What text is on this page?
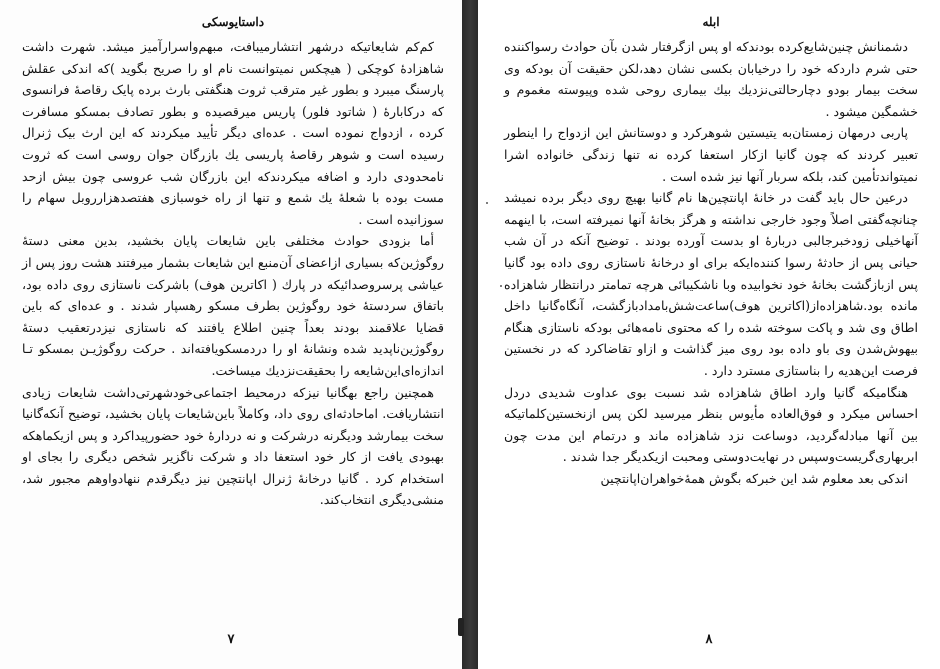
داستایوسکی

کم‌کم شایعاتیکه درشهر انتشار‌میبافت، مبهم‌واسرار‌آمیز میشد. شهرت داشت شاهزادهٔ کوچکی ( هیچکس نمیتوانست نام او را صریح بگوید )که اندکی عقلش پارسنگ میبرد و بطور غیر مترقب ثروت هنگفتی بارث برده پایک رقاصهٔ فرانسوی که درکاباره‌ٔ ( شاتود فلور) پاریس میرقصیده و بطور تصادف بمسکو مسافرت کرده ، ازدواج نموده است . عده‌ای دیگر تأیید میکردند که این ارث بیک ژنرال رسیده است و شوهر رقاصهٔ پاریسی یك بازرگان جوان روسی است که ثروت نامحدودی دارد و اضافه میکردندکه این بازرگان شب عروسی چون بیش ازحد مست بوده با شعلهٔ یك شمع و تنها از راه خوسبازی هفتصد‌هزار‌روبل سهام را سوزانیده است .

أما بزودی حوادث مختلفی باین شایعات پایان بخشید، بدین معنی دستهٔ روگوژین‌که بسیاری ازاعضای آن‌منبع این شایعات بشمار میرفتند هشت روز پس از عیاشی پرسروصدائیکه در پارك ( اکاترین هوف) باشرکت ناستازی روی داده بود، باتفاق سردستهٔ خود روگوژین بطرف مسکو رهسپار شدند . و عده‌ای که باین قضایا علاقمند بودند بعداً چنین اطلاع یافتند که ناستازی نیزدرتعقیب دستهٔ روگوژین‌ناپدید شده ونشانهٔ او را دردمسکویافته‌اند . حرکت روگوژیـن بمسکو تـا اندازه‌ای‌این‌شایعه را بحقیقت‌نزدیك میساخت.

همچنین راجع بهگانیا نیزکه درمحیط اجتماعی‌خودشهرتی‌داشت شایعات زیادی انتشاریافت. اماحادثه‌ای روی داد، وکاملاً باین‌شایعات پایان بخشید، توضیح آنکه‌گانیا سخت بیمارشد ودیگرنه درشرکت و نه دردارهٔ خود حضورپیداکرد و پس ازیکماهکه بهبودی یافت از کار خود استعفا داد و شرکت ناگزیر شخص دیگری را بجای او استخدام کرد . گانیا درخانهٔ ژنرال اپانتچین نیز دیگرقدم ننهاد‌واوهم مجبور شد، منشی‌دیگری انتخاب‌کند.

۷
ابله

دشمنانش چنین‌شایع‌کرده بودندکه او پس ازگرفتار شدن بآن حوادث رسواکننده حتی شرم داردکه خود را درخیابان بکسی نشان دهد،لکن حقیقت آن بودکه وی سخت بیمار بودو دچار‌حالتی‌نزدیك بیك بیماری روحی شده وپیوسته مغموم و خشمگین میشود .

پاربی درمهان زمستان‌به یتیستین شوهرکرد و دوستانش این ازدواج را اینطور تعبیر کردند که چون گانیا ازکار استعفا کرده نه تنها زندگی خانواده اشرا نمیتواند‌تأمین کند، بلکه سربار آنها نیز شده است .

درعین حال باید گفت در خانهٔ اپانتچین‌ها نام گانیا بهیچ روی دیگر برده نمیشد چنانچه‌گفتی اصلاً وجود خارجی نداشته و هرگز بخانهٔ آنها نمیرفته است، با اینهمه آنها‌خیلی زودخبرجالبی دربارهٔ او بدست آورده بودند . توضیح آنکه در آن شب حیانی پس از حادثهٔ رسوا کننده‌ایکه برای او درخانهٔ ناستازی روی داده بود گانیا پس ازبازگشت بخانهٔ خود نخوابیده وبا ناشکیبائی هرچه تمامتر درانتظار شاهزاده مانده بود.شاهزاده‌از(اکاترین هوف)ساعت‌شش‌بامدادبازگشت، آنگاه‌گانیا داخل اطاق وی شد و پاکت سوخته شده را که محتوی نامه‌هائی بودکه ناستازی هنگام بیهوش‌شدن وی باو داده بود روی میز گذاشت و ازاو تقاضاکرد که در نخستین فرصت این‌هدیه را بناستازی مسترد دارد .

هنگامیکه گانیا وارد اطاق شاهزاده شد نسبت بوی عداوت شدیدی دردل احساس میکرد و فوق‌العاده مأیوس بنظر میرسید لکن پس ازنخستین‌کلماتیکه بین آنها مبادله‌گردید، دوساعت نزد شاهزاده ماند و درتمام این مدت چون ابربهاری‌گریست‌وسپس در نهایت‌دوستی ومحبت ازیکدیگر جدا شدند .

اندکی بعد معلوم شد این خبرکه بگوش همهٔ‌خواهران‌اپانتچین

۸
